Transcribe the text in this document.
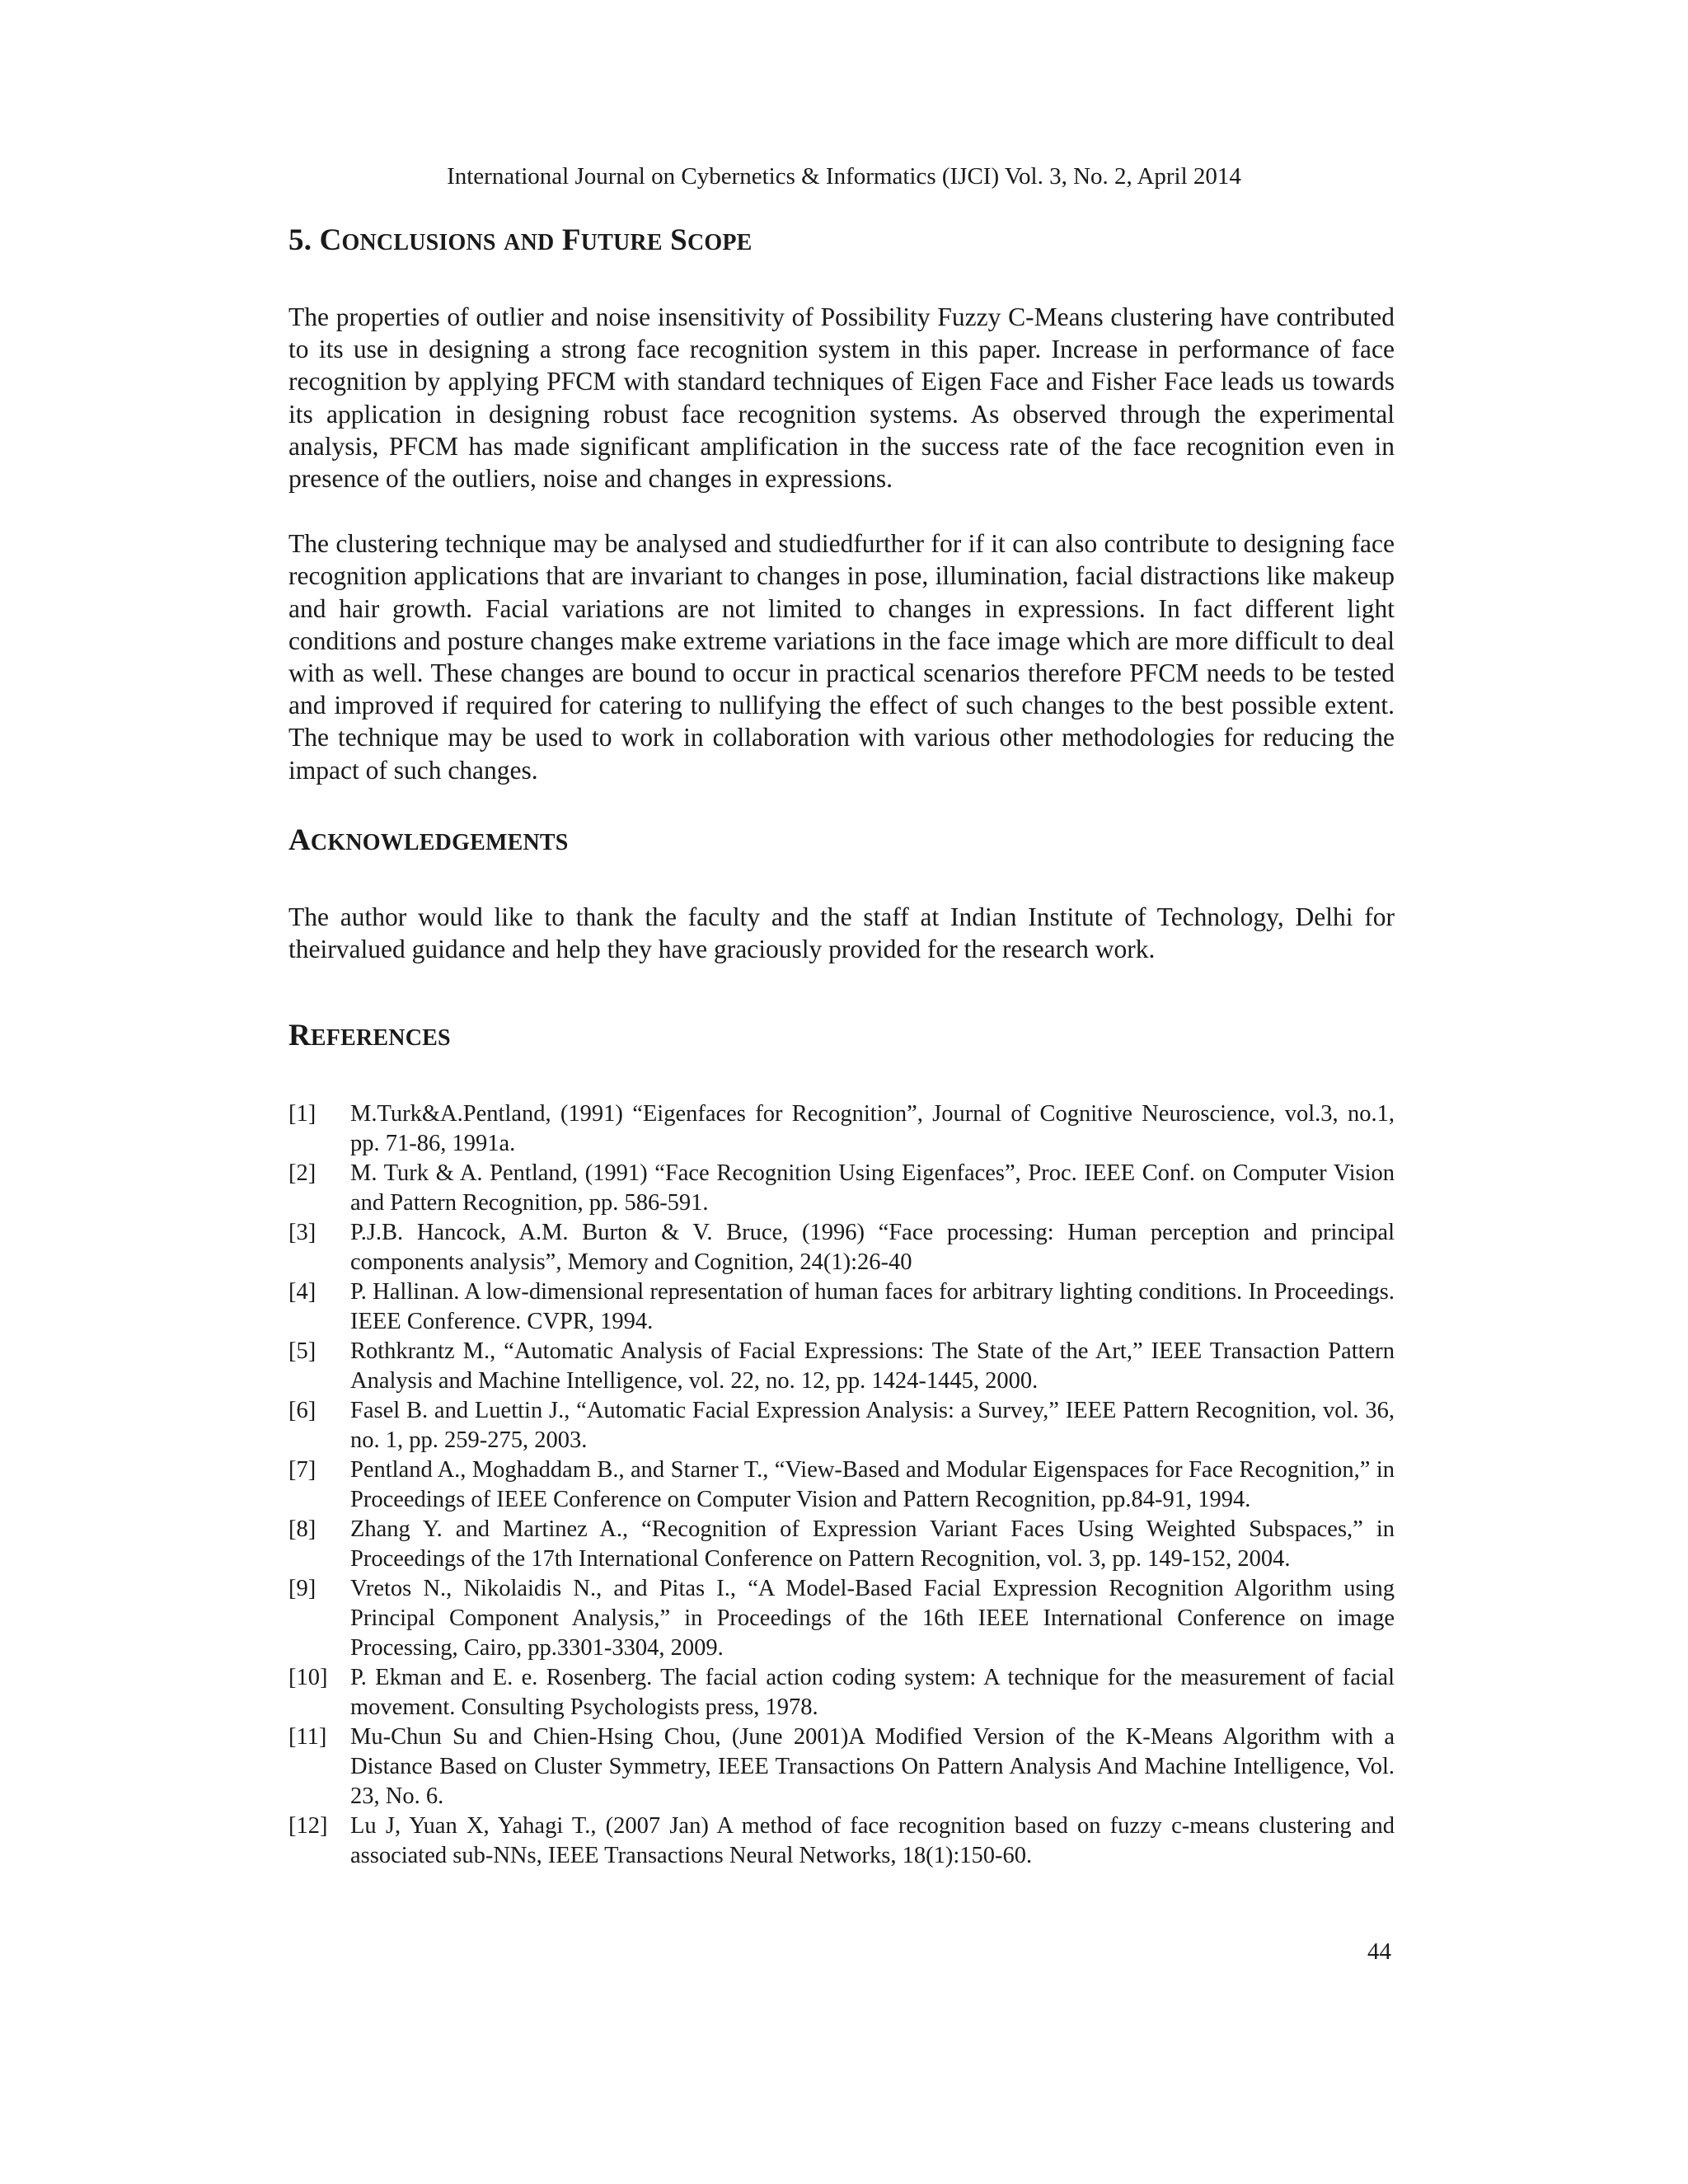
International Journal on Cybernetics & Informatics (IJCI) Vol. 3, No. 2, April 2014
5. CONCLUSIONS AND FUTURE SCOPE

The properties of outlier and noise insensitivity of Possibility Fuzzy C-Means clustering have contributed to its use in designing a strong face recognition system in this paper. Increase in performance of face recognition by applying PFCM with standard techniques of Eigen Face and Fisher Face leads us towards its application in designing robust face recognition systems. As observed through the experimental analysis, PFCM has made significant amplification in the success rate of the face recognition even in presence of the outliers, noise and changes in expressions.

The clustering technique may be analysed and studiedfurther for if it can also contribute to designing face recognition applications that are invariant to changes in pose, illumination, facial distractions like makeup and hair growth. Facial variations are not limited to changes in expressions. In fact different light conditions and posture changes make extreme variations in the face image which are more difficult to deal with as well. These changes are bound to occur in practical scenarios therefore PFCM needs to be tested and improved if required for catering to nullifying the effect of such changes to the best possible extent. The technique may be used to work in collaboration with various other methodologies for reducing the impact of such changes.

ACKNOWLEDGEMENTS

The author would like to thank the faculty and the staff at Indian Institute of Technology, Delhi for theirvalued guidance and help they have graciously provided for the research work.

REFERENCES
[1]	M.Turk&A.Pentland, (1991) “Eigenfaces for Recognition”, Journal of Cognitive Neuroscience, vol.3, no.1, pp. 71-86, 1991a.
[2]	M. Turk & A. Pentland, (1991) “Face Recognition Using Eigenfaces”, Proc. IEEE Conf. on Computer Vision and Pattern Recognition, pp. 586-591.
[3]	P.J.B. Hancock, A.M. Burton & V. Bruce, (1996) “Face processing: Human perception and principal components analysis”, Memory and Cognition, 24(1):26-40
[4]	P. Hallinan. A low-dimensional representation of human faces for arbitrary lighting conditions. In Proceedings. IEEE Conference. CVPR, 1994.
[5]	Rothkrantz M., “Automatic Analysis of Facial Expressions: The State of the Art,” IEEE Transaction Pattern Analysis and Machine Intelligence, vol. 22, no. 12, pp. 1424-1445, 2000.
[6]	Fasel B. and Luettin J., “Automatic Facial Expression Analysis: a Survey,” IEEE Pattern Recognition, vol. 36, no. 1, pp. 259-275, 2003.
[7]	Pentland A., Moghaddam B., and Starner T., “View-Based and Modular Eigenspaces for Face Recognition,” in Proceedings of IEEE Conference on Computer Vision and Pattern Recognition, pp.84-91, 1994.
[8]	Zhang Y. and Martinez A., “Recognition of Expression Variant Faces Using Weighted Subspaces,” in Proceedings of the 17th International Conference on Pattern Recognition, vol. 3, pp. 149-152, 2004.
[9]	Vretos N., Nikolaidis N., and Pitas I., “A Model-Based Facial Expression Recognition Algorithm using Principal Component Analysis,” in Proceedings of the 16th IEEE International Conference on image Processing, Cairo, pp.3301-3304, 2009.
[10] P. Ekman and E. e. Rosenberg. The facial action coding system: A technique for the measurement of facial movement. Consulting Psychologists press, 1978.
[11]	Mu-Chun Su and Chien-Hsing Chou, (June 2001)A Modified Version of the K-Means Algorithm with a Distance Based on Cluster Symmetry, IEEE Transactions On Pattern Analysis And Machine Intelligence, Vol. 23, No. 6.
[12] Lu J, Yuan X, Yahagi T., (2007 Jan) A method of face recognition based on fuzzy c-means clustering and associated sub-NNs, IEEE Transactions Neural Networks, 18(1):150-60.
44
